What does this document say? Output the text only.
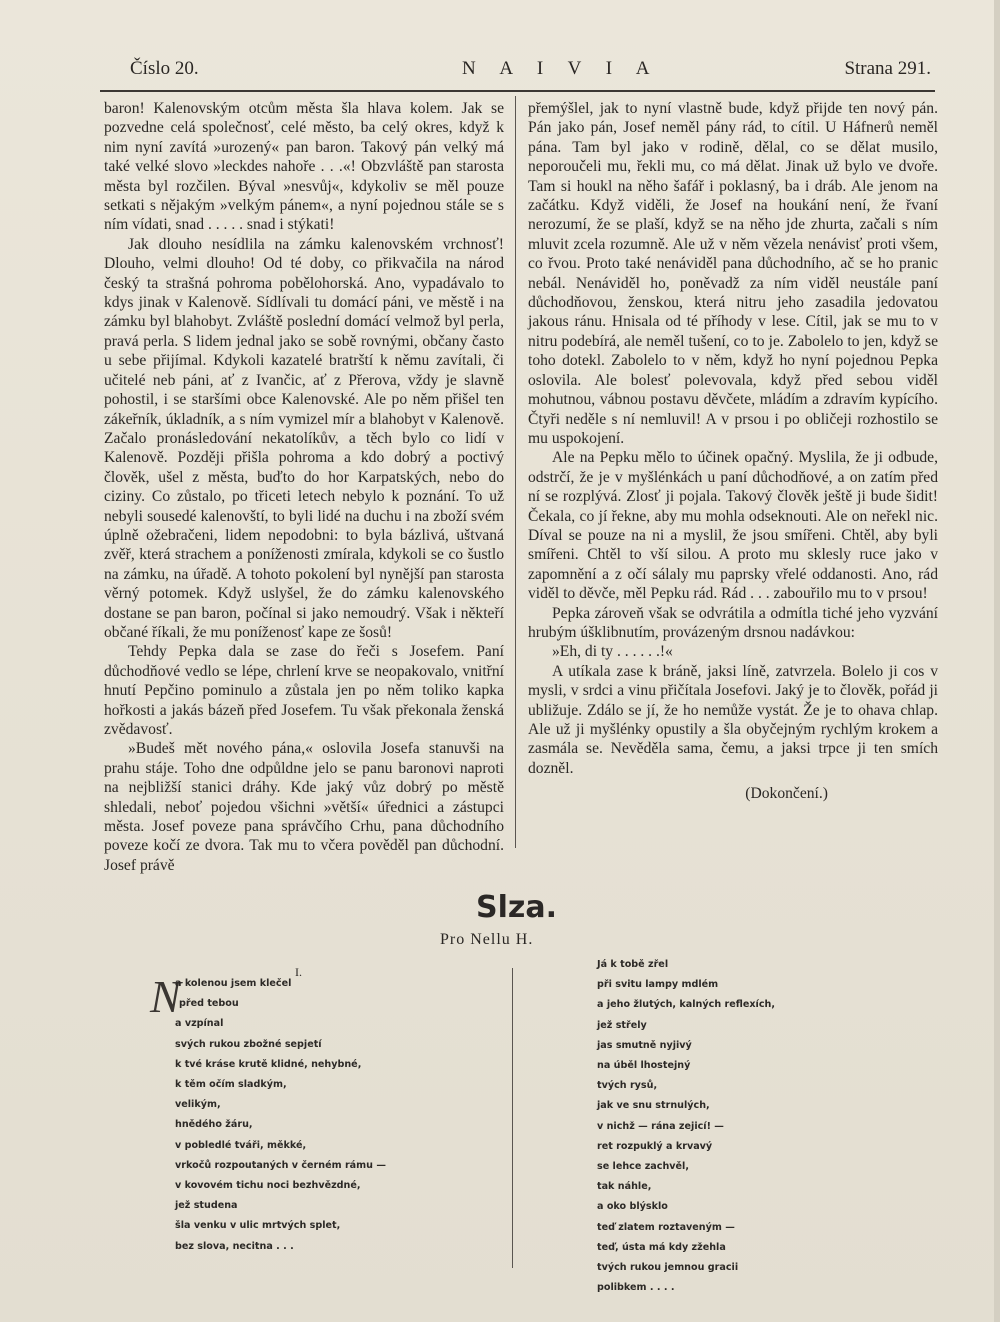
Číslo 20.	N A I V I A	Strana 291.

baron! Kalenovským otcům města šla hlava kolem. Jak se pozvedne celá společnosť, celé město, ba celý okres, když k nim nyní zavítá »urozený« pan baron. Takový pán velký má také velké slovo »leckdes nahoře . . .«! Obzvláště pan starosta města byl rozčilen. Býval »nesvůj«, kdykoliv se měl pouze setkati s nějakým »velkým pánem«, a nyní pojednou stále se s ním vídati, snad . . . . . snad i stýkati!

Jak dlouho nesídlila na zámku kalenovském vrchnosť! Dlouho, velmi dlouho! Od té doby, co přikvačila na národ český ta strašná pohroma pobělohorská. Ano, vypadávalo to kdys jinak v Kalenově. Sídlívali tu domácí páni, ve městě i na zámku byl blahobyt. Zvláště poslední domácí velmož byl perla, pravá perla. S lidem jednal jako se sobě rovnými, občany často u sebe přijímal. Kdykoli kazatelé bratrští k němu zavítali, či učitelé neb páni, ať z Ivančic, ať z Přerova, vždy je slavně pohostil, i se staršími obce Kalenovské. Ale po něm přišel ten zákeřník, úkladník, a s ním vymizel mír a blahobyt v Kalenově. Začalo pronásledování nekatolíkův, a těch bylo co lidí v Kalenově. Později přišla pohroma a kdo dobrý a poctivý člověk, ušel z města, buďto do hor Karpatských, nebo do ciziny. Co zůstalo, po třiceti letech nebylo k poznání. To už nebyli sousedé kalenovští, to byli lidé na duchu i na zboží svém úplně ožebračeni, lidem nepodobni: to byla bázlivá, uštvaná zvěř, která strachem a poníženosti zmírala, kdykoli se co šustlo na zámku, na úřadě. A tohoto pokolení byl nynější pan starosta věrný potomek. Když uslyšel, že do zámku kalenovského dostane se pan baron, počínal si jako nemoudrý. Však i někteří občané říkali, že mu poníženosť kape ze šosů!

Tehdy Pepka dala se zase do řeči s Josefem. Paní důchodňové vedlo se lépe, chrlení krve se neopakovalo, vnitřní hnutí Pepčino pominulo a zůstala jen po něm toliko kapka hořkosti a jakás bázeň před Josefem. Tu však překonala ženská zvědavosť.

»Budeš mět nového pána,« oslovila Josefa stanuvši na prahu stáje. Toho dne odpůldne jelo se panu baronovi naproti na nejbližší stanici dráhy. Kde jaký vůz dobrý po městě shledali, neboť pojedou všichni »větší« úřednici a zástupci města. Josef poveze pana správčího Crhu, pana důchodního poveze kočí ze dvora. Tak mu to včera pověděl pan důchodní. Josef právě

přemýšlel, jak to nyní vlastně bude, když přijde ten nový pán. Pán jako pán, Josef neměl pány rád, to cítil. U Háfnerů neměl pána. Tam byl jako v rodině, dělal, co se dělat musilo, neporoučeli mu, řekli mu, co má dělat. Jinak už bylo ve dvoře. Tam si houkl na něho šafář i poklasný, ba i dráb. Ale jenom na začátku. Když viděli, že Josef na houkání není, že řvaní nerozumí, že se plaší, když se na něho jde zhurta, začali s ním mluvit zcela rozumně. Ale už v něm vězela nenávisť proti všem, co řvou. Proto také nenáviděl pana důchodního, ač se ho pranic nebál. Nenáviděl ho, poněvadž za ním viděl neustále paní důchodňovou, ženskou, která nitru jeho zasadila jedovatou jakous ránu. Hnisala od té příhody v lese. Cítil, jak se mu to v nitru podebírá, ale neměl tušení, co to je. Zabolelo to jen, když se toho dotekl. Zabolelo to v něm, když ho nyní pojednou Pepka oslovila. Ale bolesť polevovala, když před sebou viděl mohutnou, vábnou postavu děvčete, mládím a zdravím kypícího. Čtyři neděle s ní nemluvil! A v prsou i po obličeji rozhostilo se mu uspokojení.

Ale na Pepku mělo to účinek opačný. Myslila, že ji odbude, odstrčí, že je v myšlénkách u paní důchodňové, a on zatím před ní se rozplývá. Zlosť ji pojala. Takový člověk ještě ji bude šidit! Čekala, co jí řekne, aby mu mohla odseknouti. Ale on neřekl nic. Díval se pouze na ni a myslil, že jsou smířeni. Chtěl, aby byli smířeni. Chtěl to vší silou. A proto mu sklesly ruce jako v zapomnění a z očí sálaly mu paprsky vřelé oddanosti. Ano, rád viděl to děvče, měl Pepku rád. Rád . . . zabouřilo mu to v prsou!

Pepka zároveň však se odvrátila a odmítla tiché jeho vyzvání hrubým úšklibnutím, provázeným drsnou nadávkou:

»Eh, di ty . . . . . .!«

A utíkala zase k bráně, jaksi líně, zatvrzela. Bolelo ji cos v mysli, v srdci a vinu přičítala Josefovi. Jaký je to člověk, pořád ji ubližuje. Zdálo se jí, že ho nemůže vystát. Že je to ohava chlap. Ale už ji myšlénky opustily a šla obyčejným rychlým krokem a zasmála se. Nevěděla sama, čemu, a jaksi trpce ji ten smích dozněl.

(Dokončení.)
Slza.
Pro Nellu H.
I.
N
a kolenou jsem klečel
před tebou
a vzpínal
svých rukou zbožné sepjetí
k tvé kráse krutě klidné, nehybné,
k těm očím sladkým,
velikým,
hnědého žáru,
v pobledlé tváři, měkké,
vrkočů rozpoutaných v černém rámu —
v kovovém tichu noci bezhvězdné,
jež studena
šla venku v ulic mrtvých splet,
bez slova, necitna . . .
Já k tobě zřel
při svitu lampy mdlém
a jeho žlutých, kalných reflexích,
jež střely
jas smutně nyjivý
na úběl lhostejný
tvých rysů,
jak ve snu strnulých,
v nichž — rána zejicí! —
ret rozpuklý a krvavý
se lehce zachvěl,
tak náhle,
a oko blýsklo
teď zlatem roztaveným —
teď, ústa má kdy zžehla
tvých rukou jemnou gracii
polibkem . . . .
